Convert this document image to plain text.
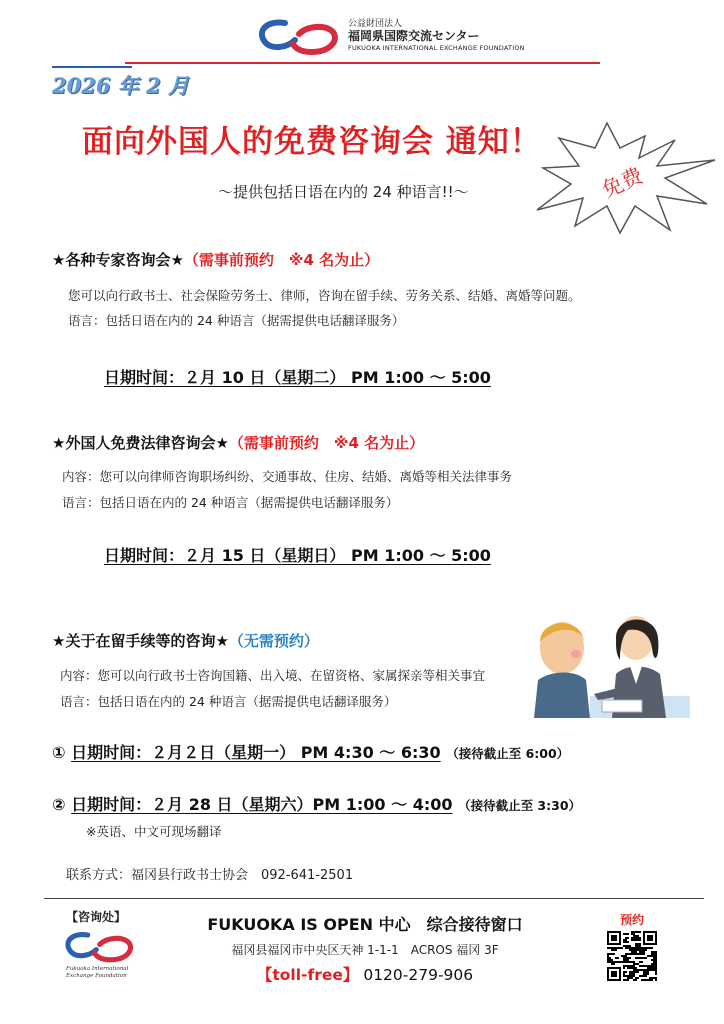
公益財団法人
福岡県国際交流センター
FUKUOKA INTERNATIONAL EXCHANGE FOUNDATION
2026 年 2 月
面向外国人的免费咨询会 通知！
免费
～提供包括日语在内的 24 种语言!!～
★各种专家咨询会★（需事前预约　※4 名为止）
您可以向行政书士、社会保险劳务士、律师，咨询在留手续、劳务关系、结婚、离婚等问题。
语言：包括日语在内的 24 种语言（据需提供电话翻译服务）
日期时间：２月 10 日（星期二） PM 1:00 ～ 5:00
★外国人免费法律咨询会★（需事前预约　※4 名为止）
内容：您可以向律师咨询职场纠纷、交通事故、住房、结婚、离婚等相关法律事务
语言：包括日语在内的 24 种语言（据需提供电话翻译服务）
日期时间：２月 15 日（星期日） PM 1:00 ～ 5:00
★关于在留手续等的咨询★（无需预约）
内容：您可以向行政书士咨询国籍、出入境、在留资格、家属探亲等相关事宜
语言：包括日语在内的 24 种语言（据需提供电话翻译服务）
① 日期时间：２月２日（星期一） PM 4:30 ～ 6:30 （接待截止至 6:00）
② 日期时间：２月 28 日（星期六）PM 1:00 ～ 4:00 （接待截止至 3:30）
※英语、中文可现场翻译
联系方式：福冈县行政书士协会　092-641-2501
【咨询处】
Fukuoka International
Exchange Foundation
FUKUOKA IS OPEN 中心　综合接待窗口
福冈县福冈市中央区天神 1-1-1　ACROS 福冈 3F
【toll-free】 0120-279-906
预约
